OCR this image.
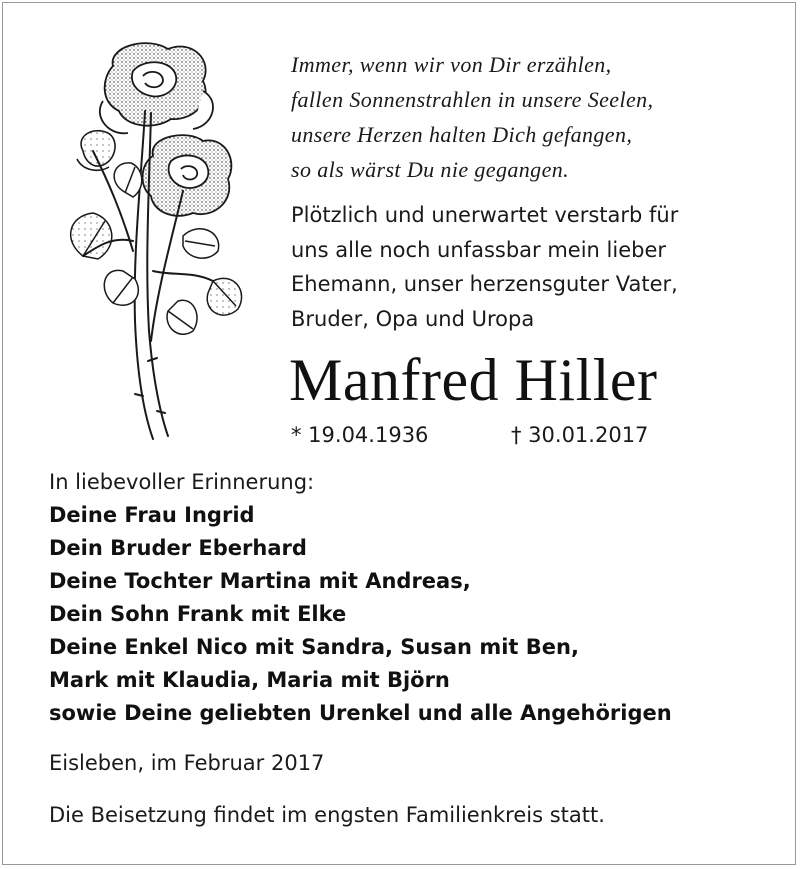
Immer, wenn wir von Dir erzählen,
fallen Sonnenstrahlen in unsere Seelen,
unsere Herzen halten Dich gefangen,
so als wärst Du nie gegangen.
Plötzlich und unerwartet verstarb für
uns alle noch unfassbar mein lieber
Ehemann, unser herzensguter Vater,
Bruder, Opa und Uropa
Manfred Hiller
* 19.04.1936	† 30.01.2017
In liebevoller Erinnerung:
Deine Frau Ingrid
Dein Bruder Eberhard
Deine Tochter Martina mit Andreas,
Dein Sohn Frank mit Elke
Deine Enkel Nico mit Sandra, Susan mit Ben,
Mark mit Klaudia, Maria mit Björn
sowie Deine geliebten Urenkel und alle Angehörigen
Eisleben, im Februar 2017
Die Beisetzung findet im engsten Familienkreis statt.
